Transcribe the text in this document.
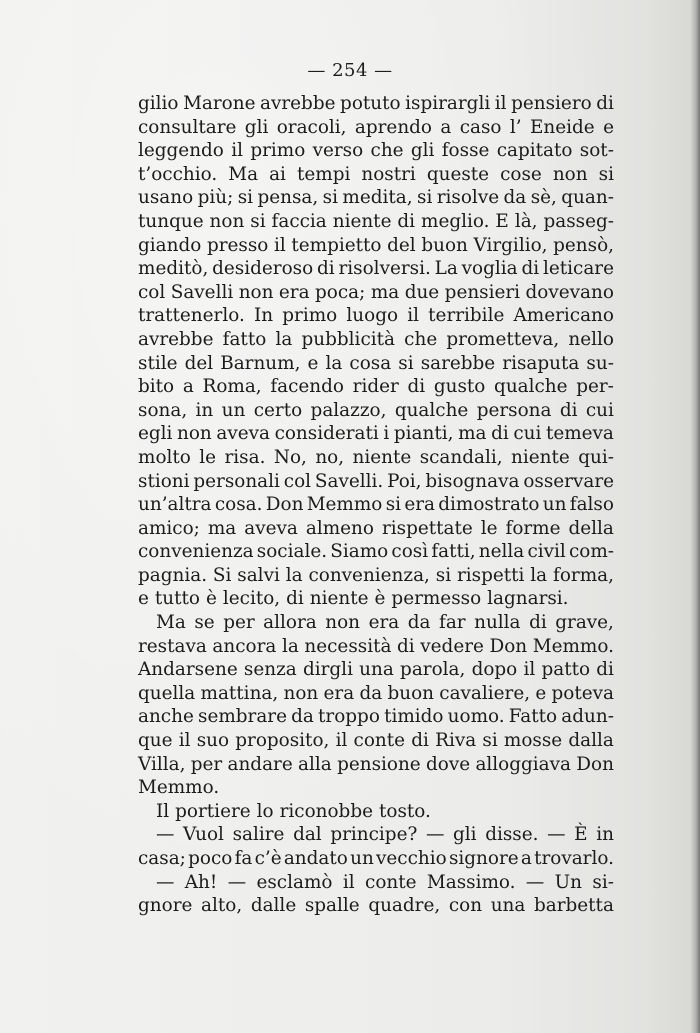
— 254 —
gilio Marone avrebbe potuto ispirargli il pensiero di
consultare gli oracoli, aprendo a caso l’ Eneide e
leggendo il primo verso che gli fosse capitato sot-
t’occhio. Ma ai tempi nostri queste cose non si
usano più; si pensa, si medita, si risolve da sè, quan-
tunque non si faccia niente di meglio. E là, passeg-
giando presso il tempietto del buon Virgilio, pensò,
meditò, desideroso di risolversi. La voglia di leticare
col Savelli non era poca; ma due pensieri dovevano
trattenerlo. In primo luogo il terribile Americano
avrebbe fatto la pubblicità che prometteva, nello
stile del Barnum, e la cosa si sarebbe risaputa su-
bito a Roma, facendo rider di gusto qualche per-
sona, in un certo palazzo, qualche persona di cui
egli non aveva considerati i pianti, ma di cui temeva
molto le risa. No, no, niente scandali, niente qui-
stioni personali col Savelli. Poi, bisognava osservare
un’altra cosa. Don Memmo si era dimostrato un falso
amico; ma aveva almeno rispettate le forme della
convenienza sociale. Siamo così fatti, nella civil com-
pagnia. Si salvi la convenienza, si rispetti la forma,
e tutto è lecito, di niente è permesso lagnarsi.
Ma se per allora non era da far nulla di grave,
restava ancora la necessità di vedere Don Memmo.
Andarsene senza dirgli una parola, dopo il patto di
quella mattina, non era da buon cavaliere, e poteva
anche sembrare da troppo timido uomo. Fatto adun-
que il suo proposito, il conte di Riva si mosse dalla
Villa, per andare alla pensione dove alloggiava Don
Memmo.
Il portiere lo riconobbe tosto.
— Vuol salire dal principe? — gli disse. — È in
casa; poco fa c’è andato un vecchio signore a trovarlo.
— Ah! — esclamò il conte Massimo. — Un si-
gnore alto, dalle spalle quadre, con una barbetta
